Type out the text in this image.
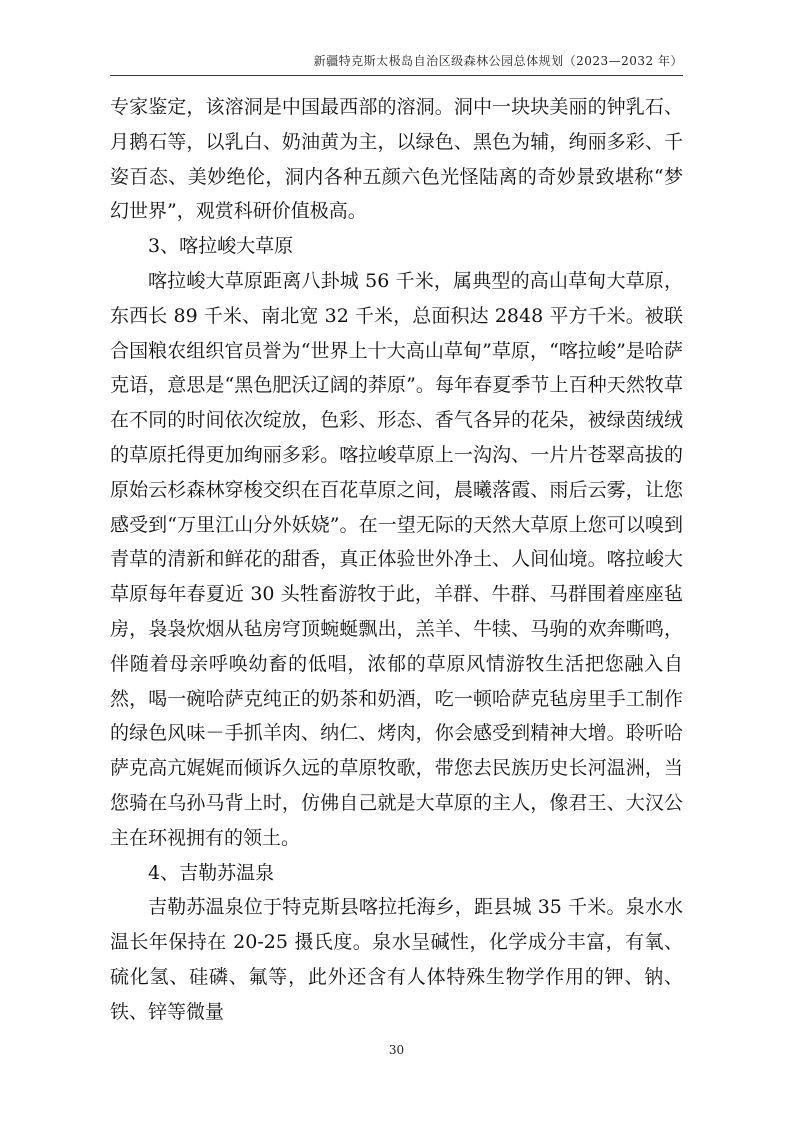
新疆特克斯太极岛自治区级森林公园总体规划（2023—2032 年）

专家鉴定，该溶洞是中国最西部的溶洞。洞中一块块美丽的钟乳石、月鹅石等，以乳白、奶油黄为主，以绿色、黑色为辅，绚丽多彩、千姿百态、美妙绝伦，洞内各种五颜六色光怪陆离的奇妙景致堪称“梦幻世界”，观赏科研价值极高。

3、喀拉峻大草原

喀拉峻大草原距离八卦城 56 千米，属典型的高山草甸大草原，东西长 89 千米、南北宽 32 千米，总面积达 2848 平方千米。被联合国粮农组织官员誉为“世界上十大高山草甸”草原，“喀拉峻”是哈萨克语，意思是“黑色肥沃辽阔的莽原”。每年春夏季节上百种天然牧草在不同的时间依次绽放，色彩、形态、香气各异的花朵，被绿茵绒绒的草原托得更加绚丽多彩。喀拉峻草原上一沟沟、一片片苍翠高拔的原始云杉森林穿梭交织在百花草原之间，晨曦落霞、雨后云雾，让您感受到“万里江山分外妖娆”。在一望无际的天然大草原上您可以嗅到青草的清新和鲜花的甜香，真正体验世外净土、人间仙境。喀拉峻大草原每年春夏近 30 头牲畜游牧于此，羊群、牛群、马群围着座座毡房，袅袅炊烟从毡房穹顶蜿蜒飘出，羔羊、牛犊、马驹的欢奔嘶鸣，伴随着母亲呼唤幼畜的低唱，浓郁的草原风情游牧生活把您融入自然，喝一碗哈萨克纯正的奶茶和奶酒，吃一顿哈萨克毡房里手工制作的绿色风味－手抓羊肉、纳仁、烤肉，你会感受到精神大增。聆听哈萨克高亢娓娓而倾诉久远的草原牧歌，带您去民族历史长河温洲，当您骑在乌孙马背上时，仿佛自己就是大草原的主人，像君王、大汉公主在环视拥有的领土。

4、吉勒苏温泉

吉勒苏温泉位于特克斯县喀拉托海乡，距县城 35 千米。泉水水温长年保持在 20-25 摄氏度。泉水呈碱性，化学成分丰富，有氧、硫化氢、硅磷、氟等，此外还含有人体特殊生物学作用的钾、钠、铁、锌等微量

30
